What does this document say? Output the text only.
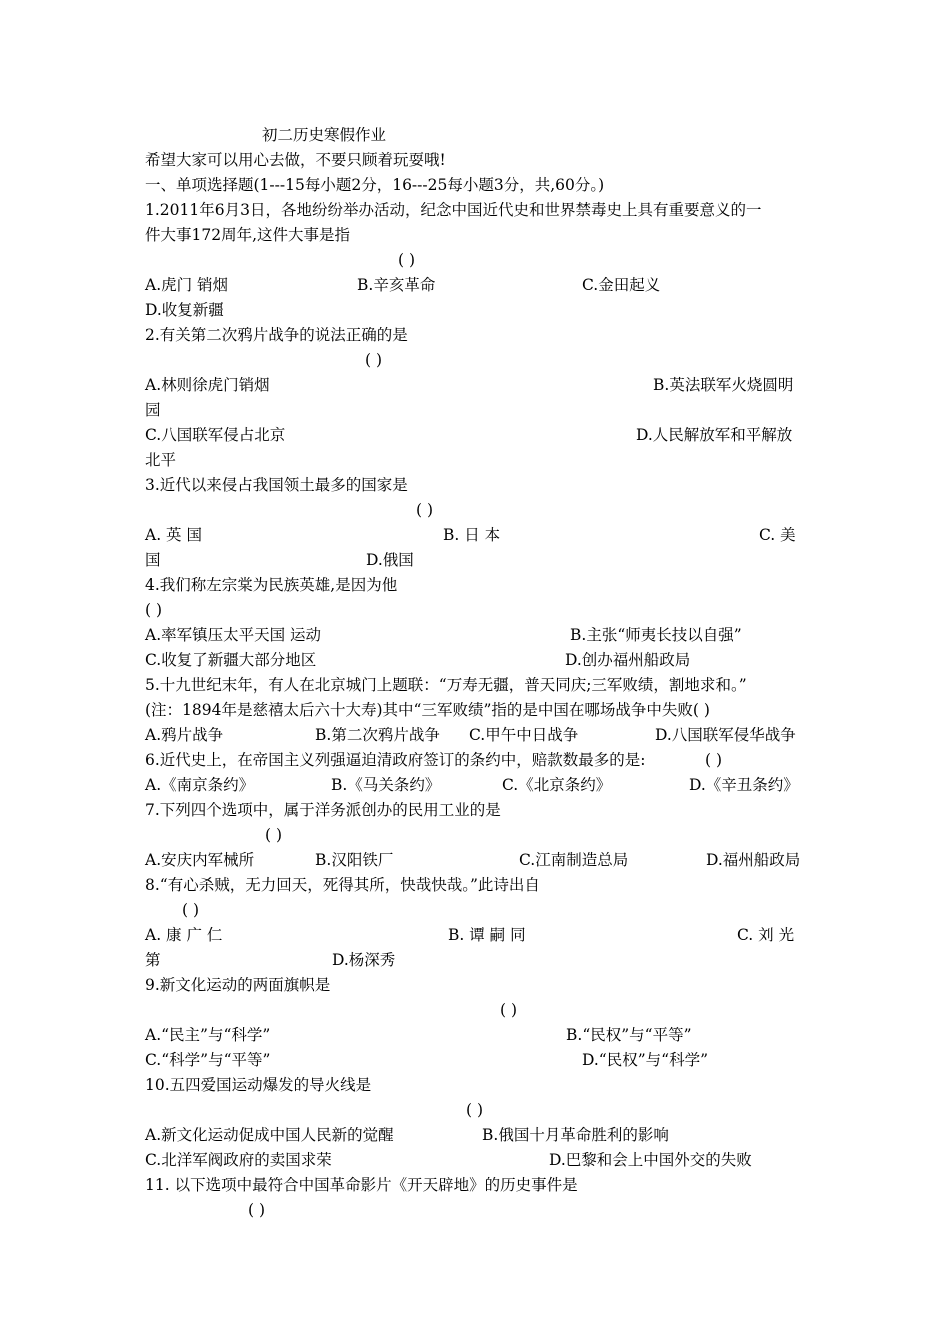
初二历史寒假作业
希望大家可以用心去做，不要只顾着玩耍哦!
一、单项选择题(1---15每小题2分，16---25每小题3分，共,60分。)
1.2011年6月3日，各地纷纷举办活动，纪念中国近代史和世界禁毒史上具有重要意义的一
件大事172周年,这件大事是指
( )
A.虎门 销烟	B.辛亥革命	C.金田起义
D.收复新疆
2.有关第二次鸦片战争的说法正确的是
( )
A.林则徐虎门销烟	B.英法联军火烧圆明
园
C.八国联军侵占北京	D.人民解放军和平解放
北平
3.近代以来侵占我国领土最多的国家是
( )
A. 英 国	B. 日 本	C. 美
国	D.俄国
4.我们称左宗棠为民族英雄,是因为他
( )
A.率军镇压太平天国 运动	B.主张“师夷长技以自强”
C.收复了新疆大部分地区	D.创办福州船政局
5.十九世纪末年，有人在北京城门上题联：“万寿无疆，普天同庆;三军败绩，割地求和。”
(注：1894年是慈禧太后六十大寿)其中“三军败绩”指的是中国在哪场战争中失败( )
A.鸦片战争	B.第二次鸦片战争 C.甲午中日战争	D.八国联军侵华战争
6.近代史上，在帝国主义列强逼迫清政府签订的条约中，赔款数最多的是:	( )
A.《南京条约》	B.《马关条约》	C.《北京条约》	D.《辛丑条约》
7.下列四个选项中，属于洋务派创办的民用工业的是
( )
A.安庆内军械所	B.汉阳铁厂	C.江南制造总局	D.福州船政局
8.“有心杀贼，无力回天，死得其所，快哉快哉。”此诗出自
( )
A. 康 广 仁	B. 谭 嗣 同	C. 刘 光
第	D.杨深秀
9.新文化运动的两面旗帜是
( )
A.“民主”与“科学”	B.“民权”与“平等”
C.“科学”与“平等”	D.“民权”与“科学”
10.五四爱国运动爆发的导火线是
( )
A.新文化运动促成中国人民新的觉醒	B.俄国十月革命胜利的影响
C.北洋军阀政府的卖国求荣	D.巴黎和会上中国外交的失败
11. 以下选项中最符合中国革命影片《开天辟地》的历史事件是
( )
